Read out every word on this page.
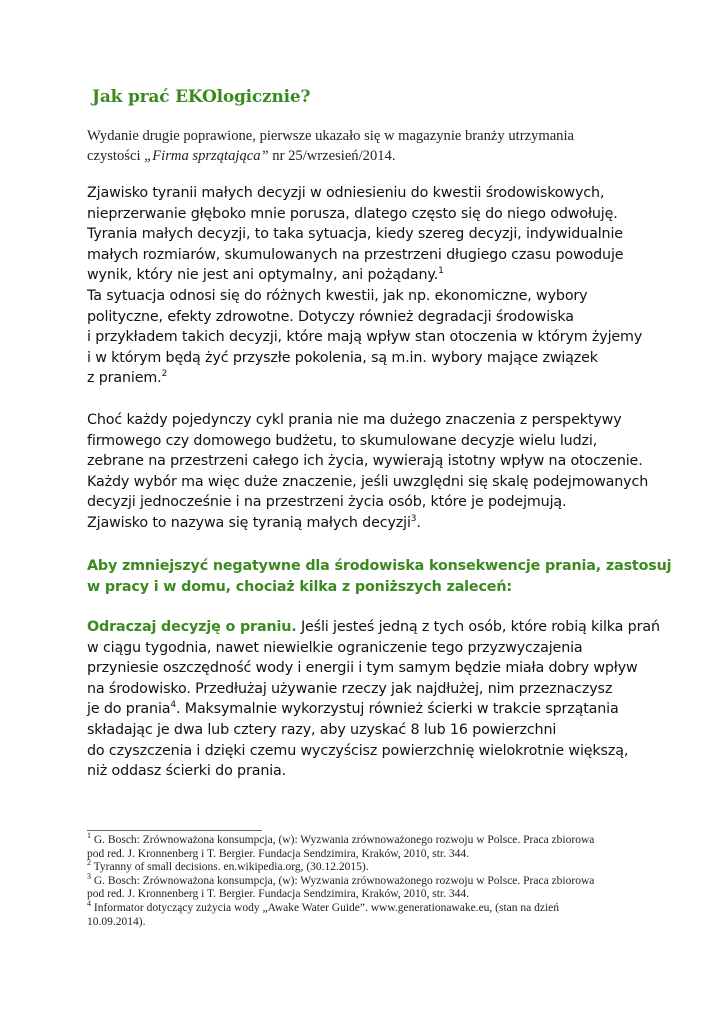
Jak prać EKOlogicznie?
Wydanie drugie poprawione, pierwsze ukazało się w magazynie branży utrzymania
czystości „Firma sprzątająca” nr 25/wrzesień/2014.
Zjawisko tyranii małych decyzji w odniesieniu do kwestii środowiskowych,
nieprzerwanie głęboko mnie porusza, dlatego często się do niego odwołuję.
Tyrania małych decyzji, to taka sytuacja, kiedy szereg decyzji, indywidualnie
małych rozmiarów, skumulowanych na przestrzeni długiego czasu powoduje
wynik, który nie jest ani optymalny, ani pożądany.$^1$
Ta sytuacja odnosi się do różnych kwestii, jak np. ekonomiczne, wybory
polityczne, efekty zdrowotne. Dotyczy również degradacji środowiska
i przykładem takich decyzji, które mają wpływ stan otoczenia w którym żyjemy
i w którym będą żyć przyszłe pokolenia, są m.in. wybory mające związek
z praniem.$^2$
Choć każdy pojedynczy cykl prania nie ma dużego znaczenia z perspektywy
firmowego czy domowego budżetu, to skumulowane decyzje wielu ludzi,
zebrane na przestrzeni całego ich życia, wywierają istotny wpływ na otoczenie.
Każdy wybór ma więc duże znaczenie, jeśli uwzględni się skalę podejmowanych
decyzji jednocześnie i na przestrzeni życia osób, które je podejmują.
Zjawisko to nazywa się tyranią małych decyzji$^3$.
Aby zmniejszyć negatywne dla środowiska konsekwencje prania, zastosuj
w pracy i w domu, chociaż kilka z poniższych zaleceń:
Odraczaj decyzję o praniu. Jeśli jesteś jedną z tych osób, które robią kilka prań
w ciągu tygodnia, nawet niewielkie ograniczenie tego przyzwyczajenia
przyniesie oszczędność wody i energii i tym samym będzie miała dobry wpływ
na środowisko. Przedłużaj używanie rzeczy jak najdłużej, nim przeznaczysz
je do prania$^4$. Maksymalnie wykorzystuj również ścierki w trakcie sprzątania
składając je dwa lub cztery razy, aby uzyskać 8 lub 16 powierzchni
do czyszczenia i dzięki czemu wyczyścisz powierzchnię wielokrotnie większą,
niż oddasz ścierki do prania.
$^1$ G. Bosch: Zrównoważona konsumpcja, (w): Wyzwania zrównoważonego rozwoju w Polsce. Praca zbiorowa
pod red. J. Kronnenberg i T. Bergier. Fundacja Sendzimira, Kraków, 2010, str. 344.
$^2$ Tyranny of small decisions. en.wikipedia.org, (30.12.2015).
$^3$ G. Bosch: Zrównoważona konsumpcja, (w): Wyzwania zrównoważonego rozwoju w Polsce. Praca zbiorowa
pod red. J. Kronnenberg i T. Bergier. Fundacja Sendzimira, Kraków, 2010, str. 344.
$^4$ Informator dotyczący zużycia wody „Awake Water Guide”. www.generationawake.eu, (stan na dzień
10.09.2014).
